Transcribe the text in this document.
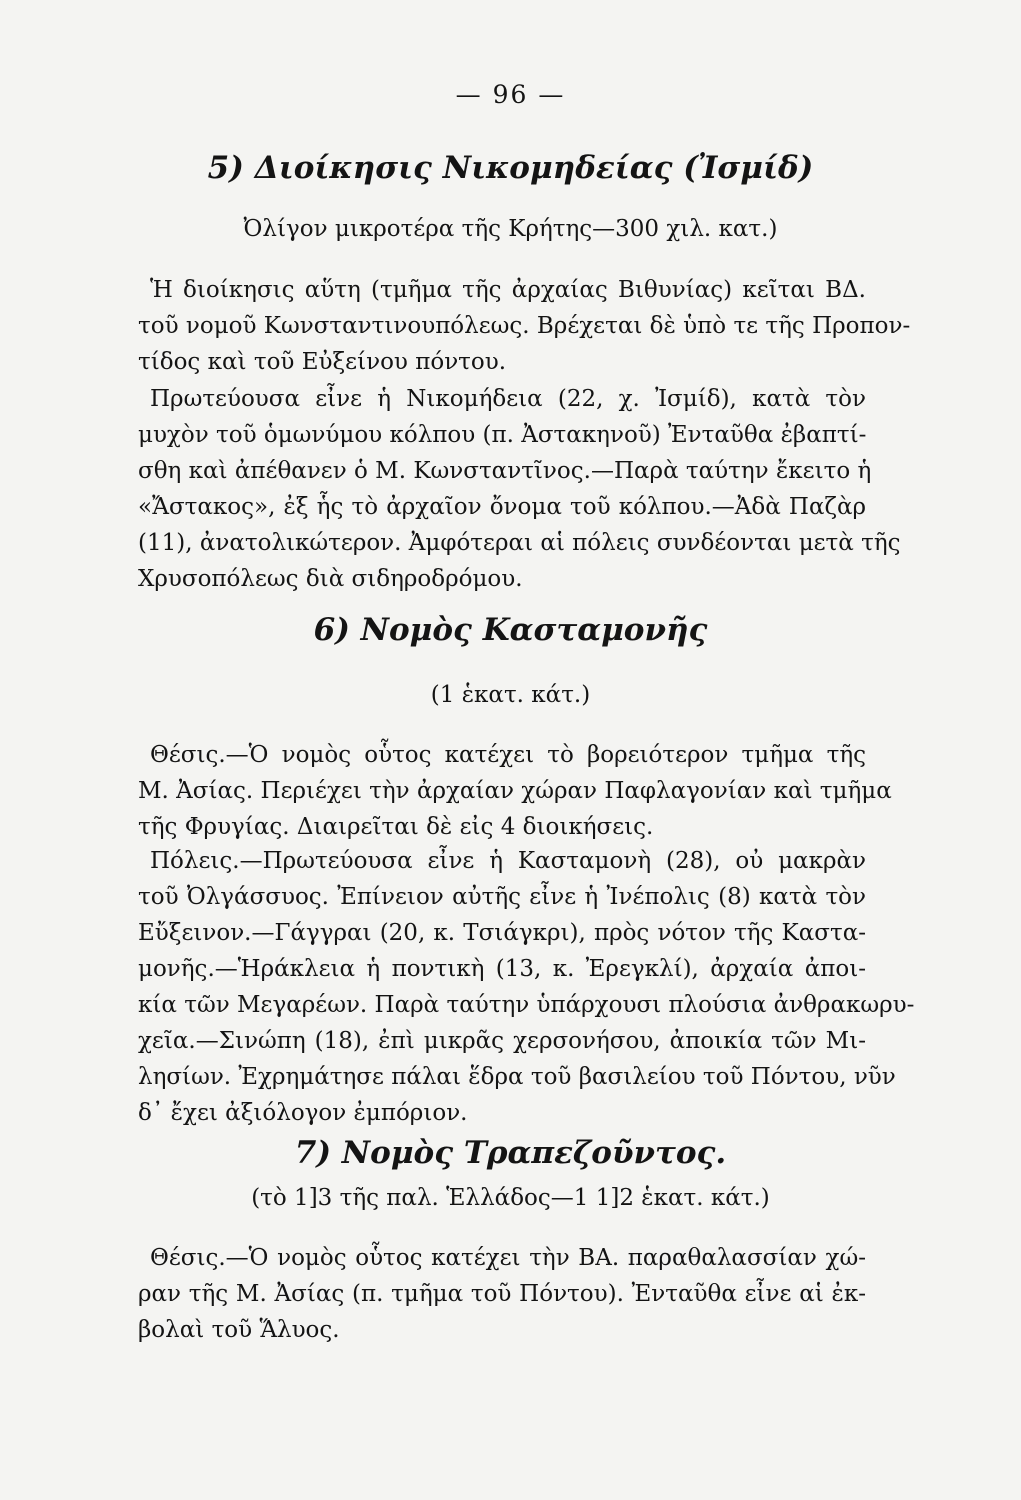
— 96 —
5) Διοίκησις Νικομηδείας (Ἰσμίδ)
Ὀλίγον μικροτέρα τῆς Κρήτης—300 χιλ. κατ.)
Ἡ διοίκησις αὕτη (τμῆμα τῆς ἀρχαίας Βιθυνίας) κεῖται ΒΔ.
τοῦ νομοῦ Κωνσταντινουπόλεως. Βρέχεται δὲ ὑπὸ τε τῆς Προπον-
τίδος καὶ τοῦ Εὐξείνου πόντου.
Πρωτεύουσα εἶνε ἡ Νικομήδεια (22, χ. Ἰσμίδ), κατὰ τὸν
μυχὸν τοῦ ὁμωνύμου κόλπου (π. Ἀστακηνοῦ) Ἐνταῦθα ἐβαπτί-
σθη καὶ ἀπέθανεν ὁ Μ. Κωνσταντῖνος.—Παρὰ ταύτην ἔκειτο ἡ
«Ἄστακος», ἐξ ἧς τὸ ἀρχαῖον ὄνομα τοῦ κόλπου.—Ἀδὰ Παζὰρ
(11), ἀνατολικώτερον. Ἀμφότεραι αἱ πόλεις συνδέονται μετὰ τῆς
Χρυσοπόλεως διὰ σιδηροδρόμου.
6) Νομὸς Κασταμονῆς
(1 ἑκατ. κάτ.)
Θέσις.—Ὁ νομὸς οὗτος κατέχει τὸ βορειότερον τμῆμα τῆς
Μ. Ἀσίας. Περιέχει τὴν ἀρχαίαν χώραν Παφλαγονίαν καὶ τμῆμα
τῆς Φρυγίας. Διαιρεῖται δὲ εἰς 4 διοικήσεις.
Πόλεις.—Πρωτεύουσα εἶνε ἡ Κασταμονὴ (28), οὐ μακρὰν
τοῦ Ὀλγάσσυος. Ἐπίνειον αὐτῆς εἶνε ἡ Ἰνέπολις (8) κατὰ τὸν
Εὔξεινον.—Γάγγραι (20, κ. Τσιάγκρι), πρὸς νότον τῆς Καστα-
μονῆς.—Ἡράκλεια ἡ ποντικὴ (13, κ. Ἐρεγκλί), ἀρχαία ἀποι-
κία τῶν Μεγαρέων. Παρὰ ταύτην ὑπάρχουσι πλούσια ἀνθρακωρυ-
χεῖα.—Σινώπη (18), ἐπὶ μικρᾶς χερσονήσου, ἀποικία τῶν Μι-
λησίων. Ἐχρημάτησε πάλαι ἕδρα τοῦ βασιλείου τοῦ Πόντου, νῦν
δ᾽ ἔχει ἀξιόλογον ἐμπόριον.
7) Νομὸς Τραπεζοῦντος.
(τὸ 1]3 τῆς παλ. Ἑλλάδος—1 1]2 ἑκατ. κάτ.)
Θέσις.—Ὁ νομὸς οὗτος κατέχει τὴν ΒΑ. παραθαλασσίαν χώ-
ραν τῆς Μ. Ἀσίας (π. τμῆμα τοῦ Πόντου). Ἐνταῦθα εἶνε αἱ ἐκ-
βολαὶ τοῦ Ἅλυος.
